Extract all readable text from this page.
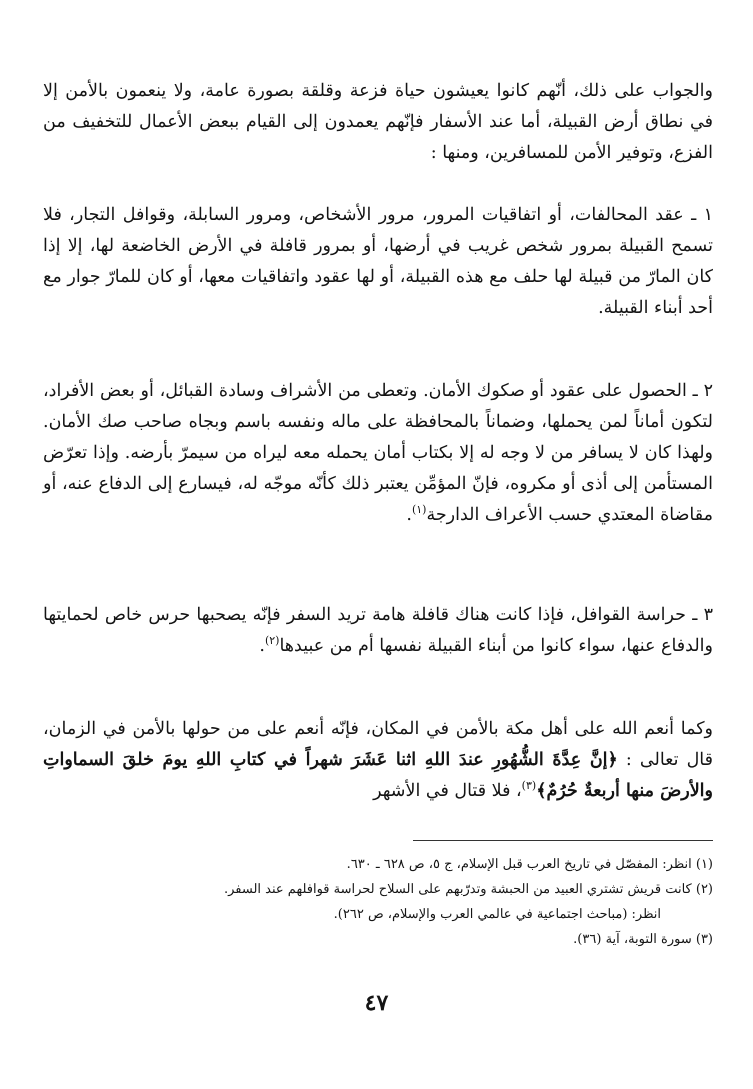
والجواب على ذلك، أنّهم كانوا يعيشون حياة فزعة وقلقة بصورة عامة، ولا ينعمون بالأمن إلا في نطاق أرض القبيلة، أما عند الأسفار فإنّهم يعمدون إلى القيام ببعض الأعمال للتخفيف من الفزع، وتوفير الأمن للمسافرين، ومنها :

١ ـ عقد المحالفات، أو اتفاقيات المرور، مرور الأشخاص، ومرور السابلة، وقوافل التجار، فلا تسمح القبيلة بمرور شخص غريب في أرضها، أو بمرور قافلة في الأرض الخاضعة لها، إلا إذا كان المارّ من قبيلة لها حلف مع هذه القبيلة، أو لها عقود واتفاقيات معها، أو كان للمارّ جوار مع أحد أبناء القبيلة.
٢ ـ الحصول على عقود أو صكوك الأمان. وتعطى من الأشراف وسادة القبائل، أو بعض الأفراد، لتكون أماناً لمن يحملها، وضماناً بالمحافظة على ماله ونفسه باسم وبجاه صاحب صك الأمان. ولهذا كان لا يسافر من لا وجه له إلا بكتاب أمان يحمله معه ليراه من سيمرّ بأرضه. وإذا تعرّض المستأمن إلى أذى أو مكروه، فإنّ المؤمِّن يعتبر ذلك كأنّه موجّه له، فيسارع إلى الدفاع عنه، أو مقاضاة المعتدي حسب الأعراف الدارجة$^{(١)}$.
٣ ـ حراسة القوافل، فإذا كانت هناك قافلة هامة تريد السفر فإنّه يصحبها حرس خاص لحمايتها والدفاع عنها، سواء كانوا من أبناء القبيلة نفسها أم من عبيدها$^{(٢)}$.

وكما أنعم الله على أهل مكة بالأمن في المكان، فإنّه أنعم على من حولها بالأمن في الزمان، قال تعالى : ﴿إنَّ عِدَّةَ الشُّهُورِ عندَ اللهِ اثنا عَشَرَ شهراً في كتابِ اللهِ يومَ خلقَ السماواتِ والأرضَ منها أربعةٌ حُرُمٌ﴾$^{(٣)}$، فلا قتال في الأشهر

(١) انظر: المفصّل في تاريخ العرب قبل الإسلام، ج ٥، ص ٦٢٨ ـ ٦٣٠.
(٢) كانت قريش تشتري العبيد من الحبشة وتدرّبهم على السلاح لحراسة قوافلهم عند السفر.
انظر: (مباحث اجتماعية في عالمي العرب والإسلام، ص ٢٦٢).
(٣) سورة التوبة، آية (٣٦).
٤٧
